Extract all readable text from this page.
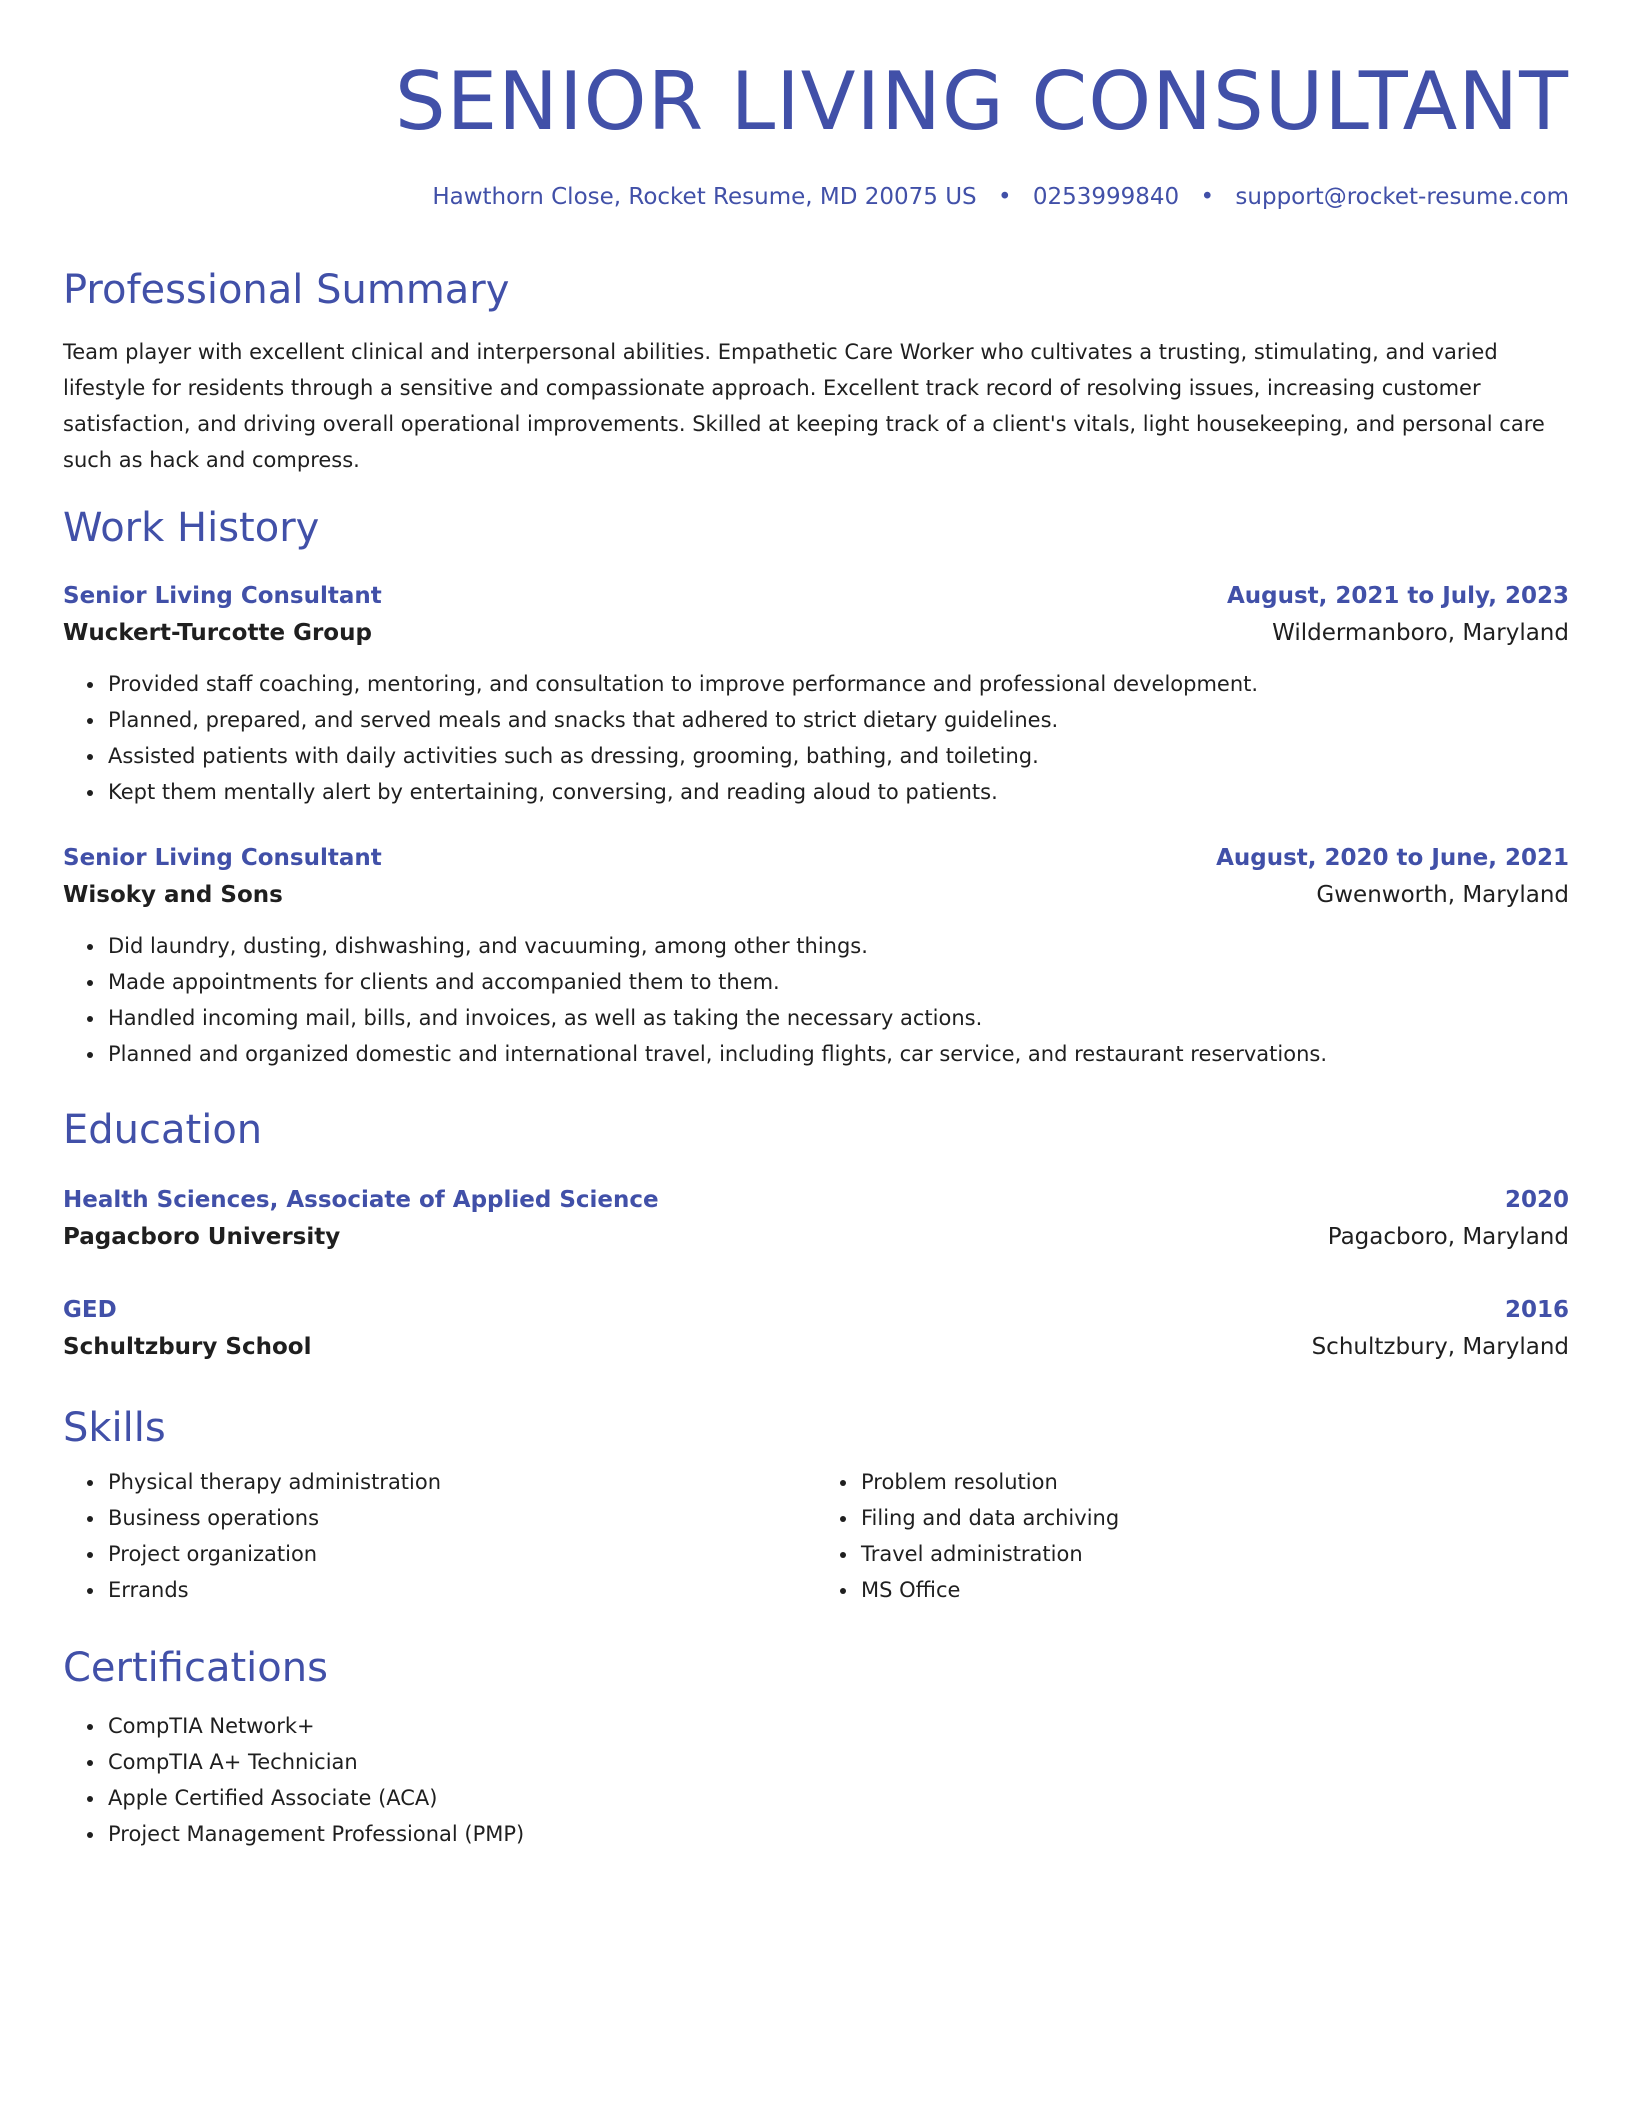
SENIOR LIVING CONSULTANT
Hawthorn Close, Rocket Resume, MD 20075 US • 0253999840 • support@rocket-resume.com
Professional Summary
Team player with excellent clinical and interpersonal abilities. Empathetic Care Worker who cultivates a trusting, stimulating, and varied lifestyle for residents through a sensitive and compassionate approach. Excellent track record of resolving issues, increasing customer satisfaction, and driving overall operational improvements. Skilled at keeping track of a client's vitals, light housekeeping, and personal care such as hack and compress.
Work History
Senior Living Consultant	August, 2021 to July, 2023
Wuckert-Turcotte Group	Wildermanboro, Maryland
• Provided staff coaching, mentoring, and consultation to improve performance and professional development.
• Planned, prepared, and served meals and snacks that adhered to strict dietary guidelines.
• Assisted patients with daily activities such as dressing, grooming, bathing, and toileting.
• Kept them mentally alert by entertaining, conversing, and reading aloud to patients.
Senior Living Consultant	August, 2020 to June, 2021
Wisoky and Sons	Gwenworth, Maryland
• Did laundry, dusting, dishwashing, and vacuuming, among other things.
• Made appointments for clients and accompanied them to them.
• Handled incoming mail, bills, and invoices, as well as taking the necessary actions.
• Planned and organized domestic and international travel, including flights, car service, and restaurant reservations.
Education
Health Sciences, Associate of Applied Science	2020
Pagacboro University	Pagacboro, Maryland
GED	2016
Schultzbury School	Schultzbury, Maryland
Skills
• Physical therapy administration
• Business operations
• Project organization
• Errands
• Problem resolution
• Filing and data archiving
• Travel administration
• MS Office
Certifications
• CompTIA Network+
• CompTIA A+ Technician
• Apple Certified Associate (ACA)
• Project Management Professional (PMP)
